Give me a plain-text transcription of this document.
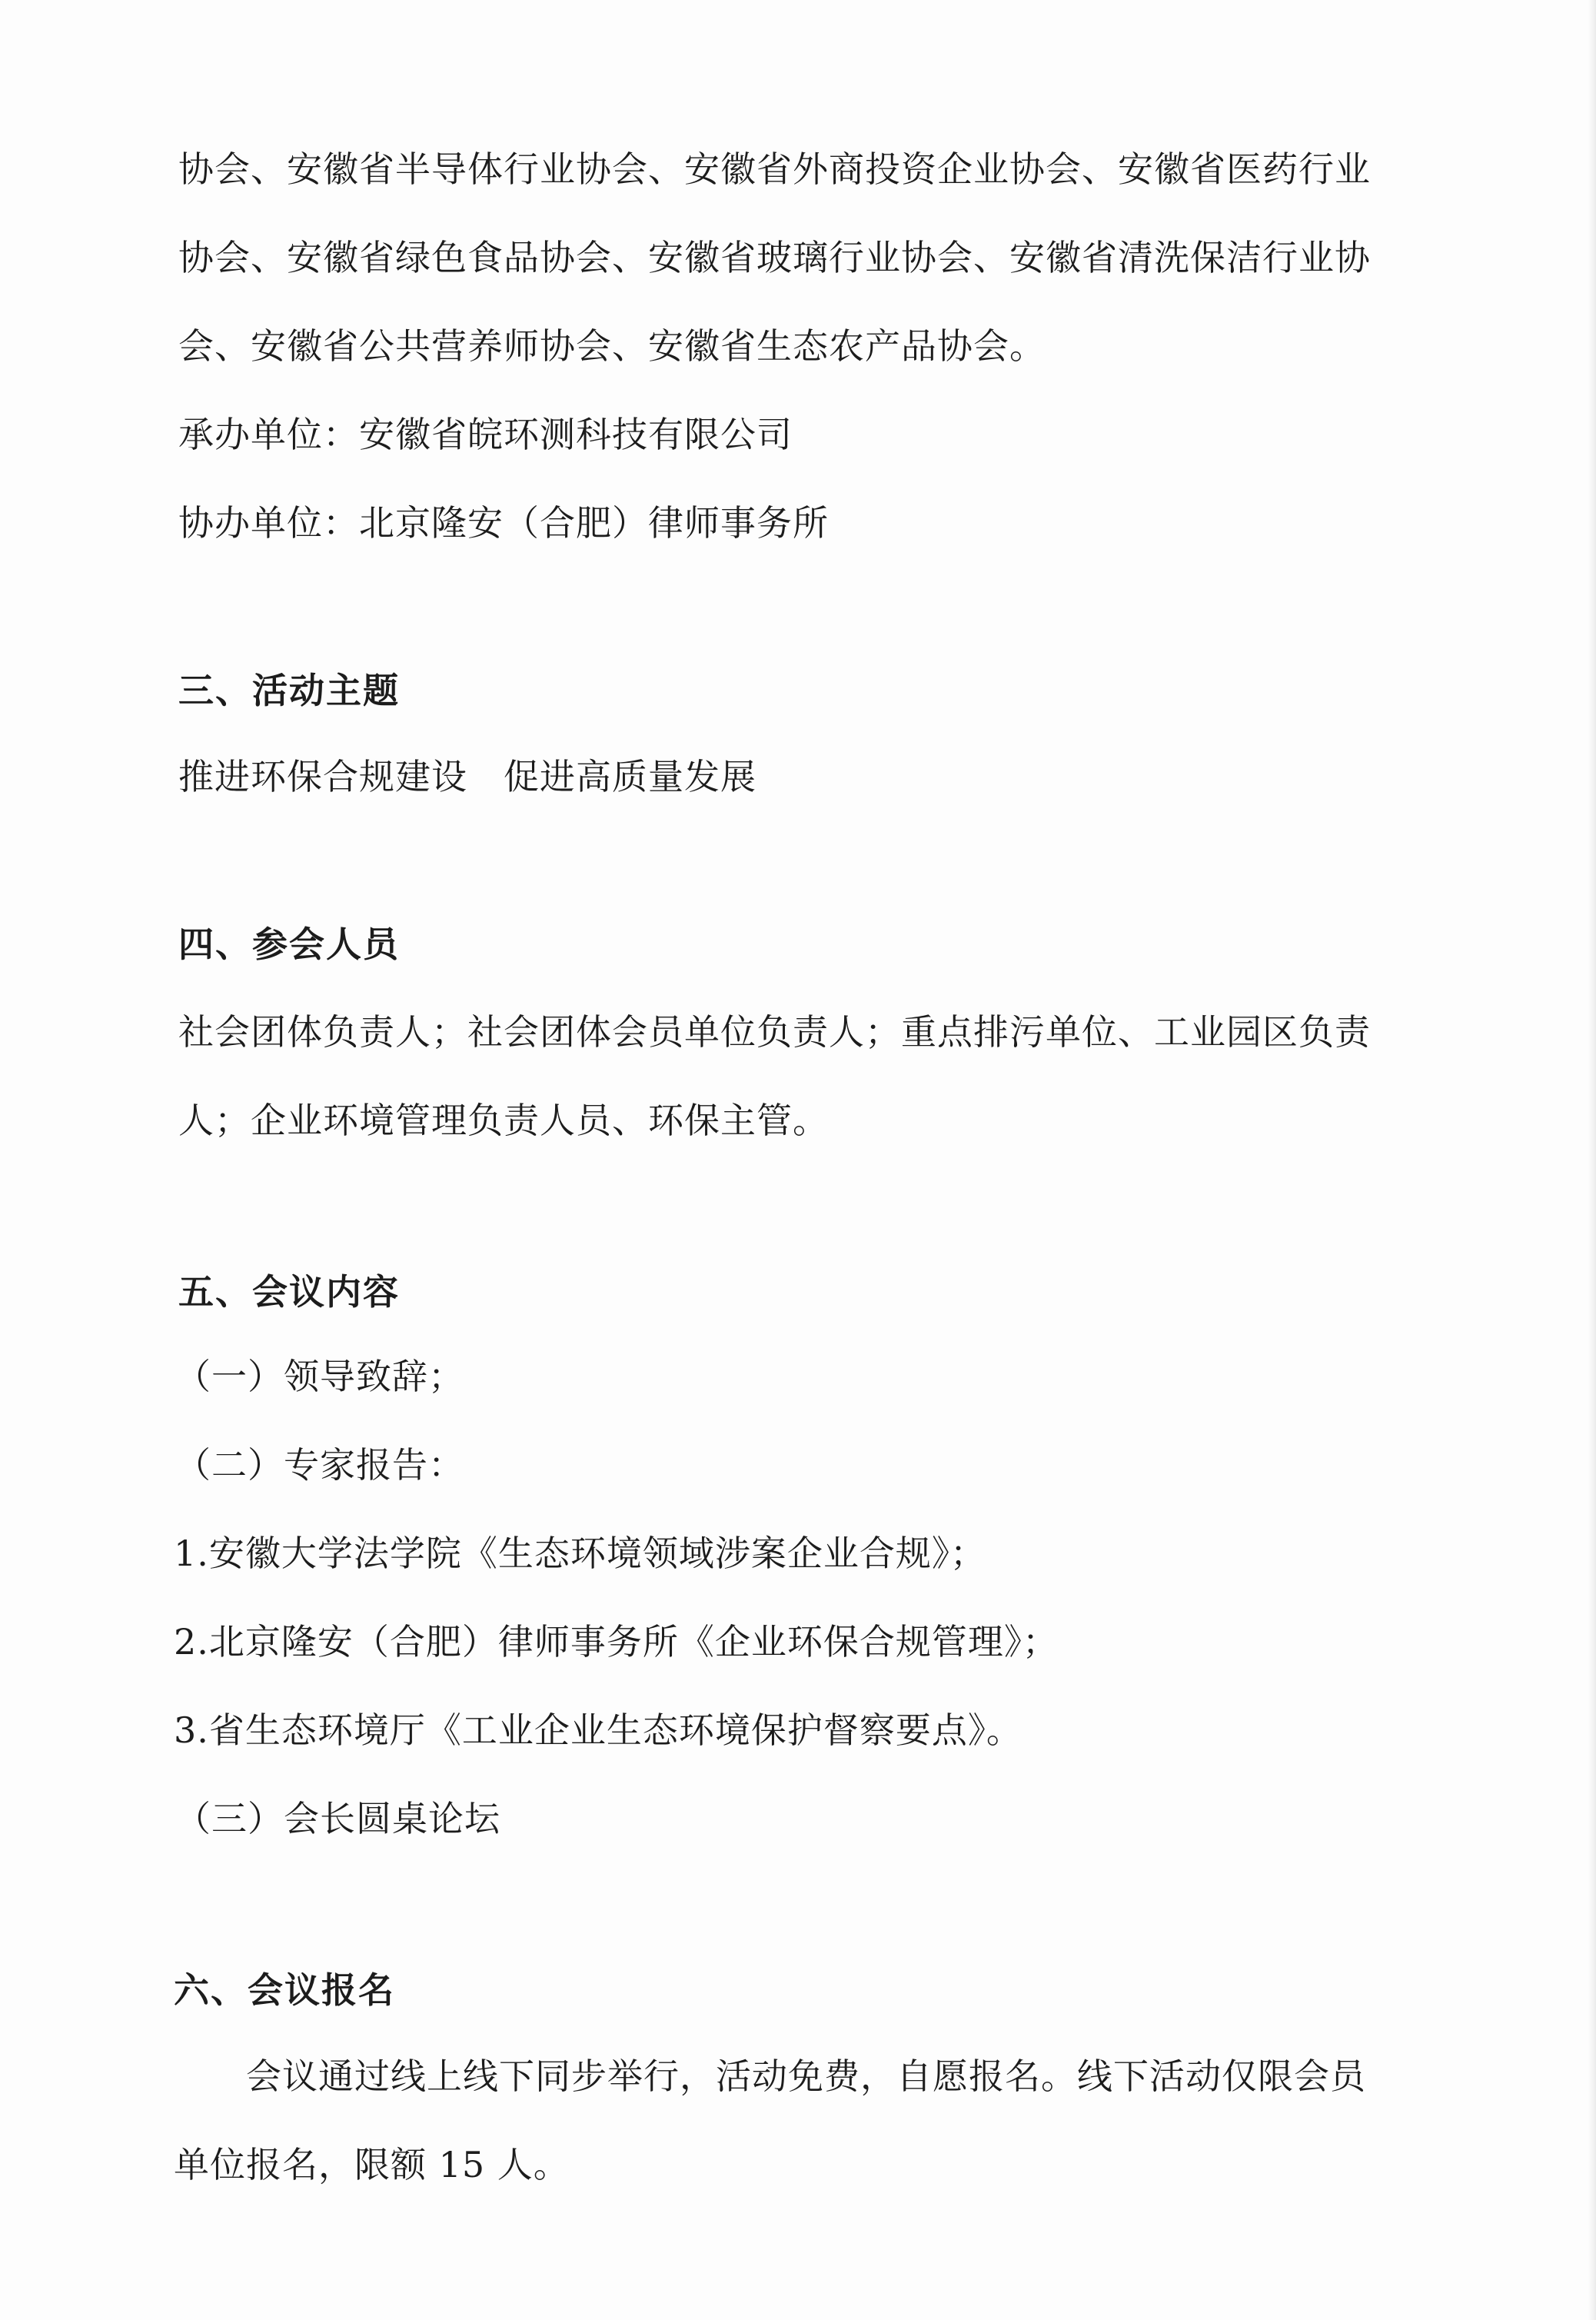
协会、安徽省半导体行业协会、安徽省外商投资企业协会、安徽省医药行业
协会、安徽省绿色食品协会、安徽省玻璃行业协会、安徽省清洗保洁行业协
会、安徽省公共营养师协会、安徽省生态农产品协会。
承办单位：安徽省皖环测科技有限公司
协办单位：北京隆安（合肥）律师事务所
三、活动主题
推进环保合规建设　促进高质量发展
四、参会人员
社会团体负责人；社会团体会员单位负责人；重点排污单位、工业园区负责
人；企业环境管理负责人员、环保主管。
五、会议内容
（一）领导致辞；
（二）专家报告：
1.安徽大学法学院《生态环境领域涉案企业合规》；
2.北京隆安（合肥）律师事务所《企业环保合规管理》；
3.省生态环境厅《工业企业生态环境保护督察要点》。
（三）会长圆桌论坛
六、会议报名
会议通过线上线下同步举行，活动免费，自愿报名。线下活动仅限会员
单位报名，限额 15 人。
